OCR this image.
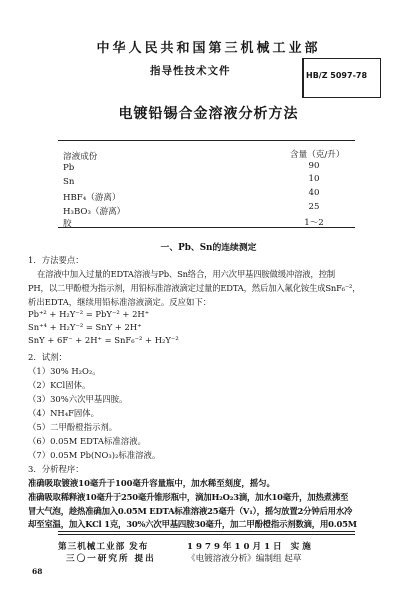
中华人民共和国第三机械工业部
指导性技术文件	HB/Z 5097-78
电镀铅锡合金溶液分析方法
溶液成份	含量（克/升）
Pb	90
Sn	10
HBF₄（游离）	40
H₃BO₃（游离）	25
胶	1～2
一、Pb、Sn的连续测定
1．方法要点：
在溶液中加入过量的EDTA溶液与Pb、Sn络合，用六次甲基四胺做缓冲溶液，控制
PH，以二甲酚橙为指示剂，用铅标准溶液滴定过量的EDTA，然后加入氟化铵生成SnF₆⁻²，
析出EDTA，继续用铅标准溶液滴定。反应如下：
Pb⁺² + H₂Y⁻² = PbY⁻² + 2H⁺
Sn⁺⁴ + H₂Y⁻² = SnY + 2H⁺
SnY + 6F⁻ + 2H⁺ = SnF₆⁻² + H₂Y⁻²
2．试剂：
（1）30% H₂O₂。
（2）KCl固体。
（3）30%六次甲基四胺。
（4）NH₄F固体。
（5）二甲酚橙指示剂。
（6）0.05M EDTA标准溶液。
（7）0.05M Pb(NO₃)₂标准溶液。
3．分析程序：
准确吸取镀液10毫升于100毫升容量瓶中，加水稀至刻度，摇匀。
准确吸取稀释液10毫升于250毫升锥形瓶中，滴加H₂O₂3滴，加水10毫升，加热煮沸至
冒大气泡，趁热准确加入0.05M EDTA标准溶液25毫升（V₁），摇匀放置2分钟后用水冷
却至室温，加入KCl 1克，30%六次甲基四胺30毫升，加二甲酚橙指示剂数滴，用0.05M
第三机械工业部 发布	1979年10月1日 实施
三〇一研究所 提出	《电镀溶液分析》编制组 起草
68
